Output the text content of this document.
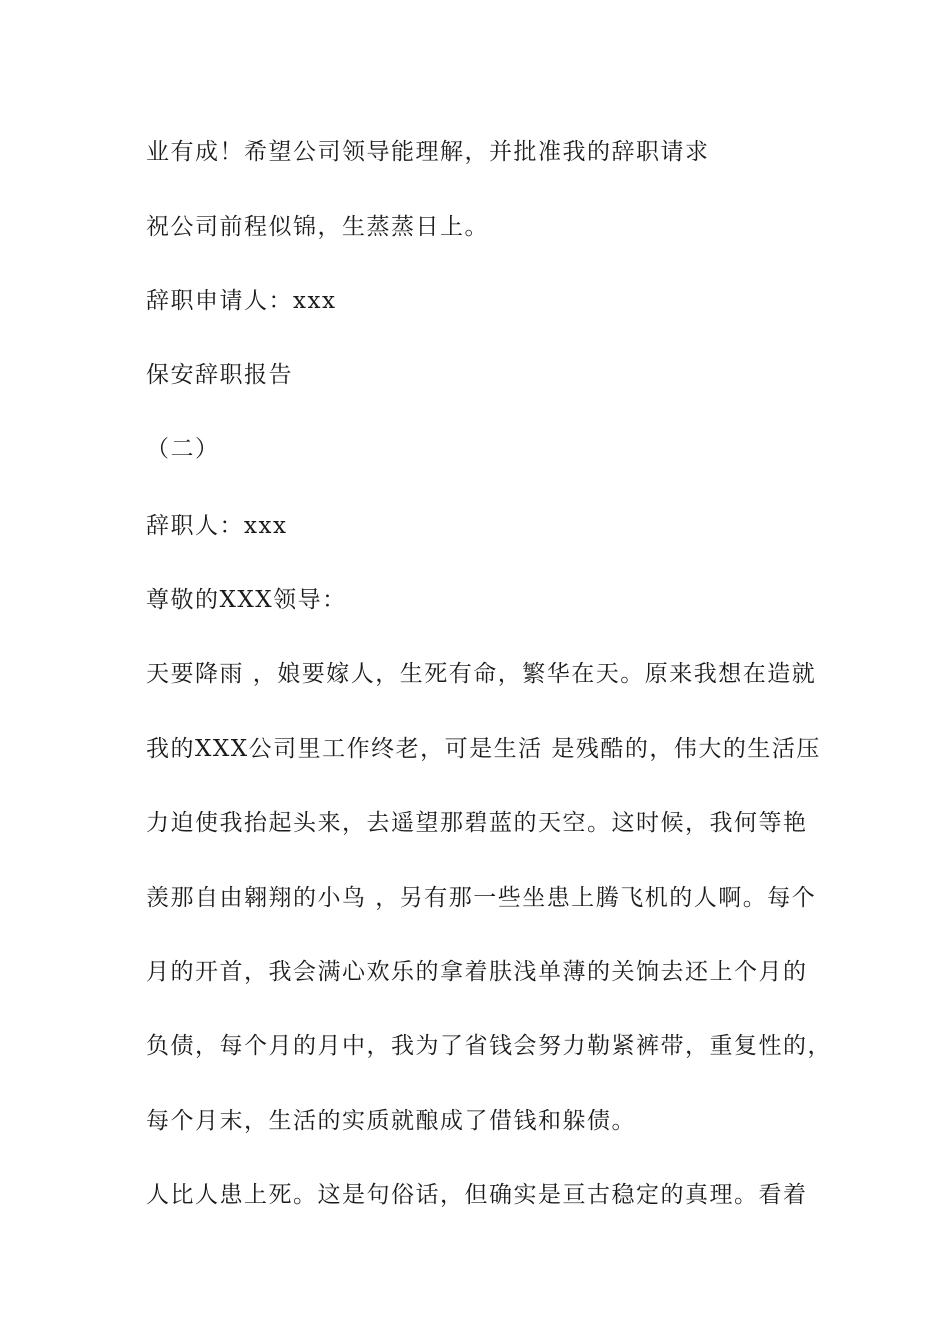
业有成！希望公司领导能理解，并批准我的辞职请求
祝公司前程似锦，生蒸蒸日上。
辞职申请人：xxx
保安辞职报告
（二）
辞职人：xxx
尊敬的XXX领导：
天要降雨 ，娘要嫁人，生死有命，繁华在天。原来我想在造就
我的XXX公司里工作终老，可是生活 是残酷的，伟大的生活压
力迫使我抬起头来，去遥望那碧蓝的天空。这时候，我何等艳
羡那自由翱翔的小鸟 ，另有那一些坐患上腾飞机的人啊。每个
月的开首，我会满心欢乐的拿着肤浅单薄的关饷去还上个月的
负债，每个月的月中，我为了省钱会努力勒紧裤带，重复性的，
每个月末，生活的实质就酿成了借钱和躲债。
人比人患上死。这是句俗话，但确实是亘古稳定的真理。看着
